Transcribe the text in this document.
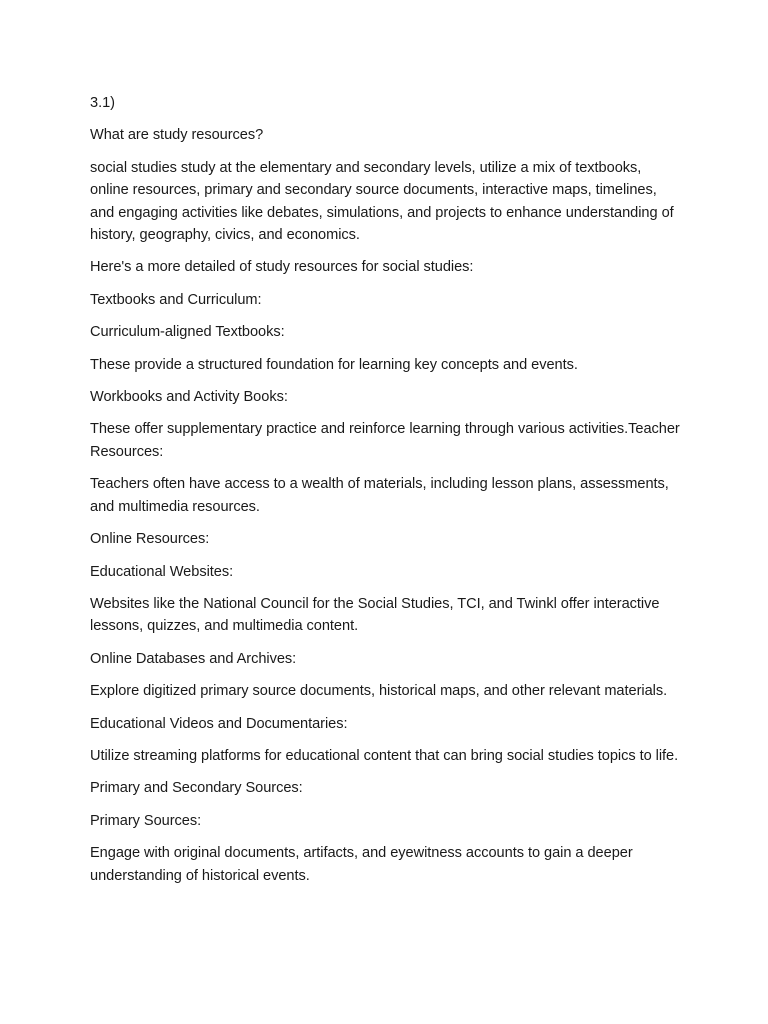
3.1)

What are study resources?

social studies study at the elementary and secondary levels, utilize a mix of textbooks, online resources, primary and secondary source documents, interactive maps, timelines, and engaging activities like debates, simulations, and projects to enhance understanding of history, geography, civics, and economics.

Here's a more detailed of study resources for social studies:

Textbooks and Curriculum:

Curriculum-aligned Textbooks:

These provide a structured foundation for learning key concepts and events.

Workbooks and Activity Books:

These offer supplementary practice and reinforce learning through various activities.Teacher Resources:

Teachers often have access to a wealth of materials, including lesson plans, assessments, and multimedia resources.

Online Resources:

Educational Websites:

Websites like the National Council for the Social Studies, TCI, and Twinkl offer interactive lessons, quizzes, and multimedia content.

Online Databases and Archives:

Explore digitized primary source documents, historical maps, and other relevant materials.

Educational Videos and Documentaries:

Utilize streaming platforms for educational content that can bring social studies topics to life.

Primary and Secondary Sources:

Primary Sources:

Engage with original documents, artifacts, and eyewitness accounts to gain a deeper understanding of historical events.
